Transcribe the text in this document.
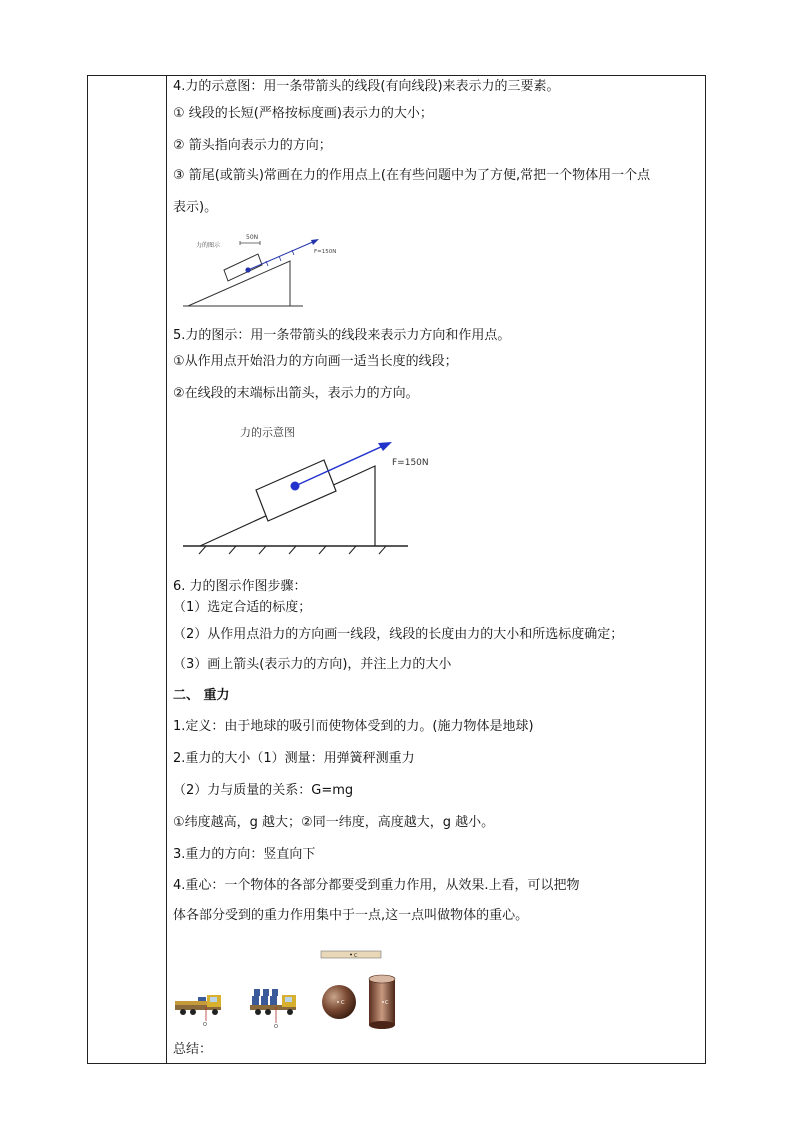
4.力的示意图：用一条带箭头的线段(有向线段)来表示力的三要素。
① 线段的长短(严格按标度画)表示力的大小；
② 箭头指向表示力的方向；
③ 箭尾(或箭头)常画在力的作用点上(在有些问题中为了方便,常把一个物体用一个点
表示)。
力的图示
50N
F=150N
5.力的图示：用一条带箭头的线段来表示力方向和作用点。
①从作用点开始沿力的方向画一适当长度的线段；
②在线段的末端标出箭头，表示力的方向。
力的示意图
F=150N
6. 力的图示作图步骤：
（1）选定合适的标度；
（2）从作用点沿力的方向画一线段，线段的长度由力的大小和所选标度确定；
（3）画上箭头(表示力的方向)，并注上力的大小
二、 重力
1.定义：由于地球的吸引而使物体受到的力。(施力物体是地球)
2.重力的大小（1）测量：用弹簧秤测重力
（2）力与质量的关系：G=mg
①纬度越高，g 越大；②同一纬度，高度越大，g 越小。
3.重力的方向：竖直向下
4.重心：一个物体的各部分都要受到重力作用，从效果.上看，可以把物
体各部分受到的重力作用集中于一点,这一点叫做物体的重心。
O	O
C
C	C
总结：
